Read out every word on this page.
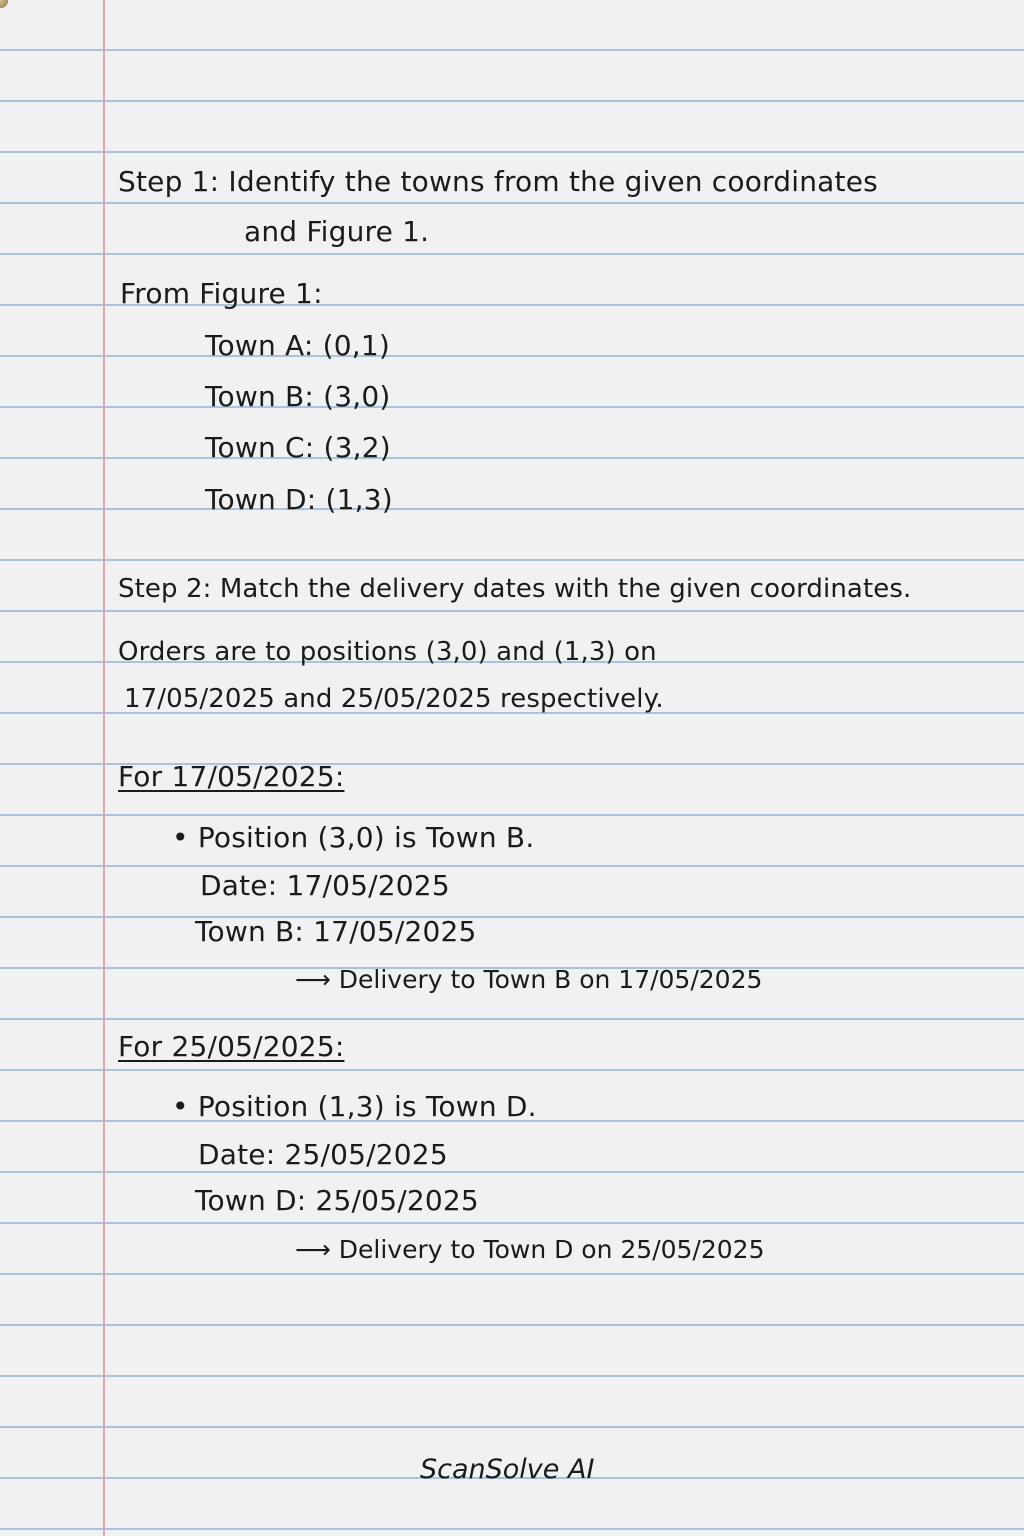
Step 1: Identify the towns from the given coordinates

and Figure 1.

From Figure 1:

Town A: (0,1)

Town B: (3,0)

Town C: (3,2)

Town D: (1,3)

Step 2: Match the delivery dates with the given coordinates.

Orders are to positions (3,0) and (1,3) on

17/05/2025 and 25/05/2025 respectively.

For 17/05/2025:

• Position (3,0) is Town B.

Date: 17/05/2025

Town B: 17/05/2025

⟶ Delivery to Town B on 17/05/2025

For 25/05/2025:

• Position (1,3) is Town D.

Date: 25/05/2025

Town D: 25/05/2025

⟶ Delivery to Town D on 25/05/2025

ScanSolve AI
